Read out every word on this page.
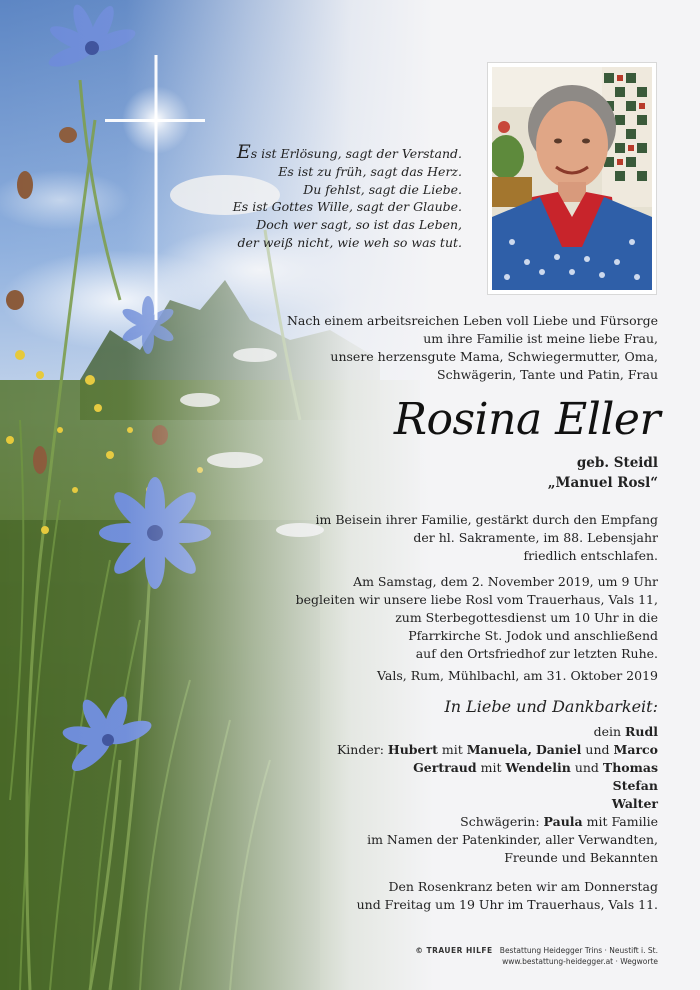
Es ist Erlösung, sagt der Verstand.
Es ist zu früh, sagt das Herz.
Du fehlst, sagt die Liebe.
Es ist Gottes Wille, sagt der Glaube.
Doch wer sagt, so ist das Leben,
der weiß nicht, wie weh so was tut.
Nach einem arbeitsreichen Leben voll Liebe und Fürsorge
um ihre Familie ist meine liebe Frau,
unsere herzensgute Mama, Schwiegermutter, Oma,
Schwägerin, Tante und Patin, Frau
Rosina Eller
geb. Steidl
„Manuel Rosl“
im Beisein ihrer Familie, gestärkt durch den Empfang
der hl. Sakramente, im 88. Lebensjahr
friedlich entschlafen.
Am Samstag, dem 2. November 2019, um 9 Uhr
begleiten wir unsere liebe Rosl vom Trauerhaus, Vals 11,
zum Sterbegottesdienst um 10 Uhr in die
Pfarrkirche St. Jodok und anschließend
auf den Ortsfriedhof zur letzten Ruhe.
Vals, Rum, Mühlbachl, am 31. Oktober 2019
In Liebe und Dankbarkeit:
dein Rudl
Kinder: Hubert mit Manuela, Daniel und Marco
Gertraud mit Wendelin und Thomas
Stefan
Walter
Schwägerin: Paula mit Familie
im Namen der Patenkinder, aller Verwandten,
Freunde und Bekannten
Den Rosenkranz beten wir am Donnerstag
und Freitag um 19 Uhr im Trauerhaus, Vals 11.
© TRAUER HILFE Bestattung Heidegger Trins · Neustift i. St.
www.bestattung-heidegger.at · Wegworte
